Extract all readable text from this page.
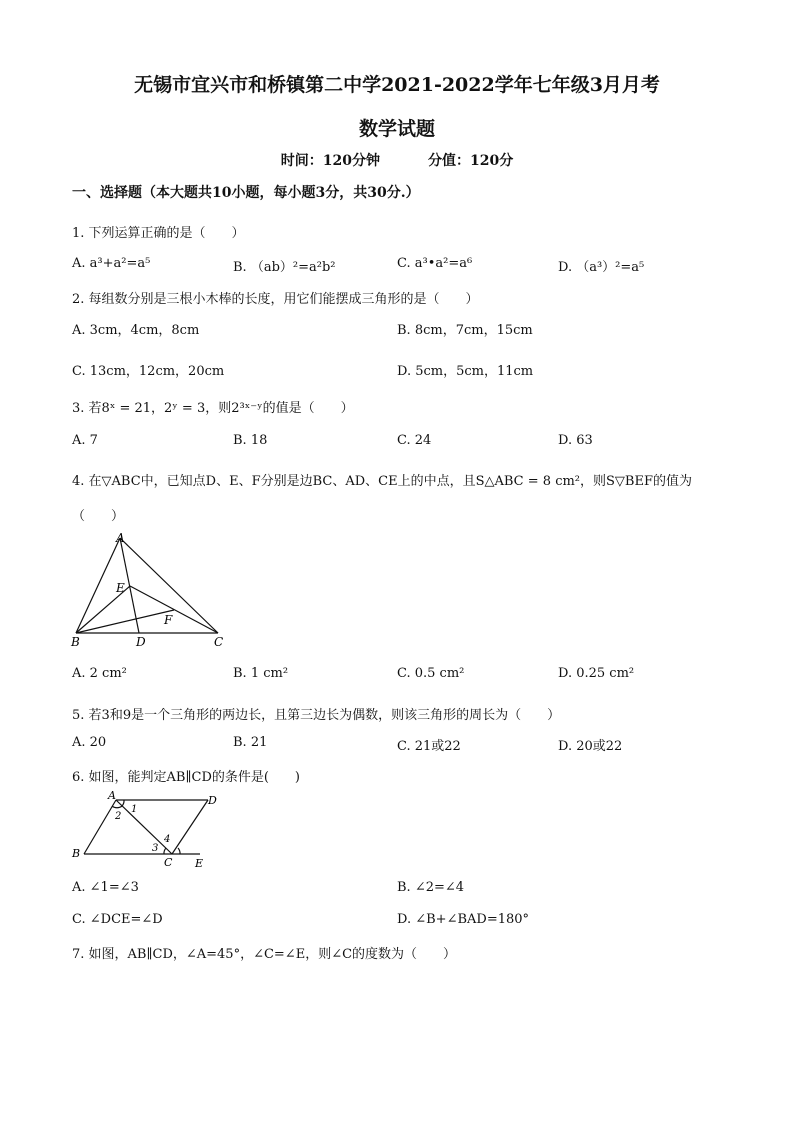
无锡市宜兴市和桥镇第二中学2021-2022学年七年级3月月考
数学试题
时间：120分钟	分值：120分
一、选择题（本大题共10小题，每小题3分，共30分.）
1. 下列运算正确的是（　　）
A. a³+a²=a⁵	B. （ab）²=a²b²	C. a³•a²=a⁶	D. （a³）²=a⁵
2. 每组数分别是三根小木棒的长度，用它们能摆成三角形的是（　　）
A. 3cm，4cm，8cm	B. 8cm，7cm，15cm
C. 13cm，12cm，20cm	D. 5cm，5cm，11cm
3. 若8ˣ = 21，2ʸ = 3，则2³ˣ⁻ʸ的值是（　　）
A. 7	B. 18	C. 24	D. 63
4. 在▽ABC中，已知点D、E、F分别是边BC、AD、CE上的中点，且S△ABC = 8 cm²，则S▽BEF的值为
（　　）
A
B	C
D
E
F
A. 2 cm²	B. 1 cm²	C. 0.5 cm²	D. 0.25 cm²
5. 若3和9是一个三角形的两边长，且第三边长为偶数，则该三角形的周长为（　　）
A. 20	B. 21	C. 21或22	D. 20或22
6. 如图，能判定AB∥CD的条件是(　　)
A
B
C
D
E
1
2
3
4
A. ∠1=∠3	B. ∠2=∠4
C. ∠DCE=∠D	D. ∠B+∠BAD=180°
7. 如图，AB∥CD，∠A=45°，∠C=∠E，则∠C的度数为（　　）
